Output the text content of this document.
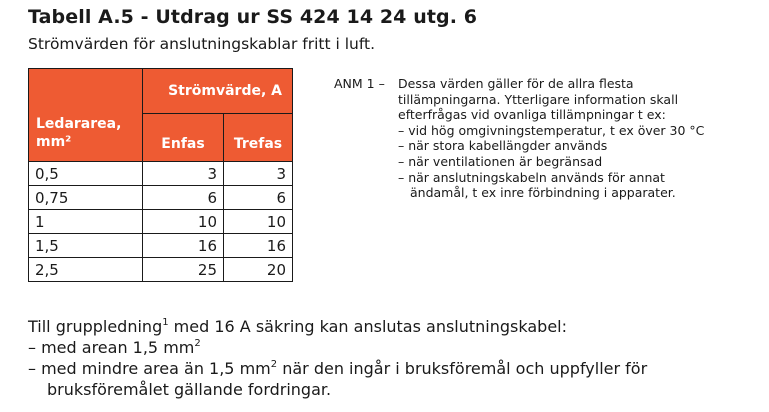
Tabell A.5 - Utdrag ur SS 424 14 24 utg. 6

Strömvärden för anslutningskablar fritt i luft.

Ledararea,
mm²	Strömvärde, A	
	Enfas	Trefas
0,5	3	3
0,75	6	6
1	10	10
1,5	16	16
2,5	25	20
ANM 1 – Dessa värden gäller för de allra flesta
tillämpningarna. Ytterligare information skall
efterfrågas vid ovanliga tillämpningar t ex:
– vid hög omgivningstemperatur, t ex över 30 °C
– när stora kabellängder används
– när ventilationen är begränsad
– när anslutningskabeln används för annat
ändamål, t ex inre förbindning i apparater.
Till gruppledning$^1$ med 16 A säkring kan anslutas anslutningskabel:
– med arean 1,5 $mm^2$
– med mindre area än 1,5 $mm^2$ när den ingår i bruksföremål och uppfyller för
bruksföremålet gällande fordringar.
